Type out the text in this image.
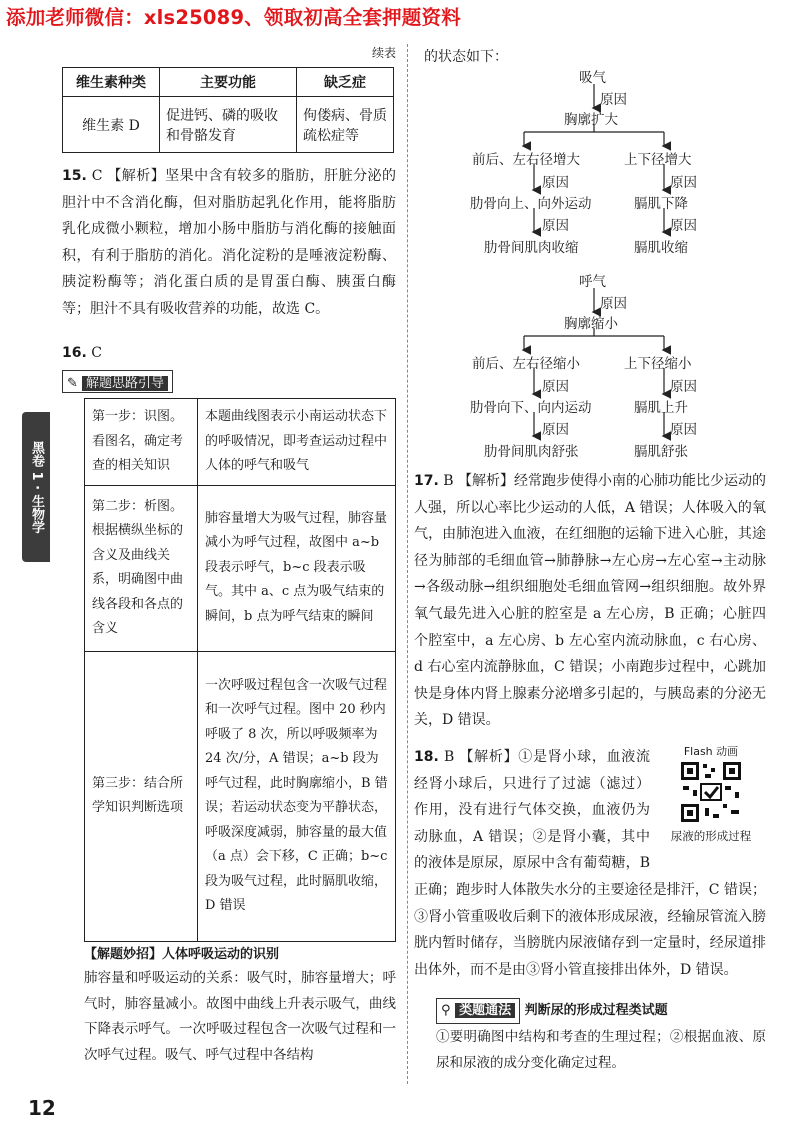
添加老师微信：xls25089、领取初高全套押题资料
黑卷 1 · 生物学
续表
维生素种类	主要功能	缺乏症
维生素 D	促进钙、磷的吸收和骨骼发育	佝偻病、骨质疏松症等

15. C 【解析】坚果中含有较多的脂肪，肝脏分泌的胆汁中不含消化酶，但对脂肪起乳化作用，能将脂肪乳化成微小颗粒，增加小肠中脂肪与消化酶的接触面积，有利于脂肪的消化。消化淀粉的是唾液淀粉酶、胰淀粉酶等；消化蛋白质的是胃蛋白酶、胰蛋白酶等；胆汁不具有吸收营养的功能，故选 C。

16. C

✎ 解题思路引导
第一步：识图。看图名，确定考查的相关知识	本题曲线图表示小南运动状态下的呼吸情况，即考查运动过程中人体的呼气和吸气
第二步：析图。根据横纵坐标的含义及曲线关系，明确图中曲线各段和各点的含义	肺容量增大为吸气过程，肺容量减小为呼气过程，故图中 a~b 段表示呼气，b~c 段表示吸气。其中 a、c 点为吸气结束的瞬间，b 点为呼气结束的瞬间
第三步：结合所学知识判断选项	一次呼吸过程包含一次吸气过程和一次呼气过程。图中 20 秒内呼吸了 8 次，所以呼吸频率为 24 次/分，A 错误；a~b 段为呼气过程，此时胸廓缩小，B 错误；若运动状态变为平静状态，呼吸深度减弱，肺容量的最大值（a 点）会下移，C 正确；b~c 段为吸气过程，此时膈肌收缩，D 错误

【解题妙招】人体呼吸运动的识别

肺容量和呼吸运动的关系：吸气时，肺容量增大；呼气时，肺容量减小。故图中曲线上升表示吸气，曲线下降表示呼气。一次呼吸过程包含一次吸气过程和一次呼气过程。吸气、呼气过程中各结构

的状态如下：

吸气
原因
胸廓扩大
前后、左右径增大	上下径增大
原因	原因
肋骨向上、向外运动	膈肌下降
原因	原因
肋骨间肌肉收缩	膈肌收缩
呼气
原因
胸廓缩小
前后、左右径缩小	上下径缩小
原因	原因
肋骨向下、向内运动	膈肌上升
原因	原因
肋骨间肌肉舒张	膈肌舒张

17. B 【解析】经常跑步使得小南的心肺功能比少运动的人强，所以心率比少运动的人低，A 错误；人体吸入的氧气，由肺泡进入血液，在红细胞的运输下进入心脏，其途径为肺部的毛细血管→肺静脉→左心房→左心室→主动脉→各级动脉→组织细胞处毛细血管网→组织细胞。故外界氧气最先进入心脏的腔室是 a 左心房，B 正确；心脏四个腔室中，a 左心房、b 左心室内流动脉血，c 右心房、d 右心室内流静脉血，C 错误；小南跑步过程中，心跳加快是身体内肾上腺素分泌增多引起的，与胰岛素的分泌无关，D 错误。

Flash 动画
尿液的形成过程

18. B 【解析】①是肾小球，血液流经肾小球后，只进行了过滤（滤过）作用，没有进行气体交换，血液仍为动脉血，A 错误；②是肾小囊，其中的液体是原尿，原尿中含有葡萄糖，B 正确；跑步时人体散失水分的主要途径是排汗，C 错误；③肾小管重吸收后剩下的液体形成尿液，经输尿管流入膀胱内暂时储存，当膀胱内尿液储存到一定量时，经尿道排出体外，而不是由③肾小管直接排出体外，D 错误。

⚲ 类题通法 判断尿的形成过程类试题

①要明确图中结构和考查的生理过程；②根据血液、原尿和尿液的成分变化确定过程。

12
